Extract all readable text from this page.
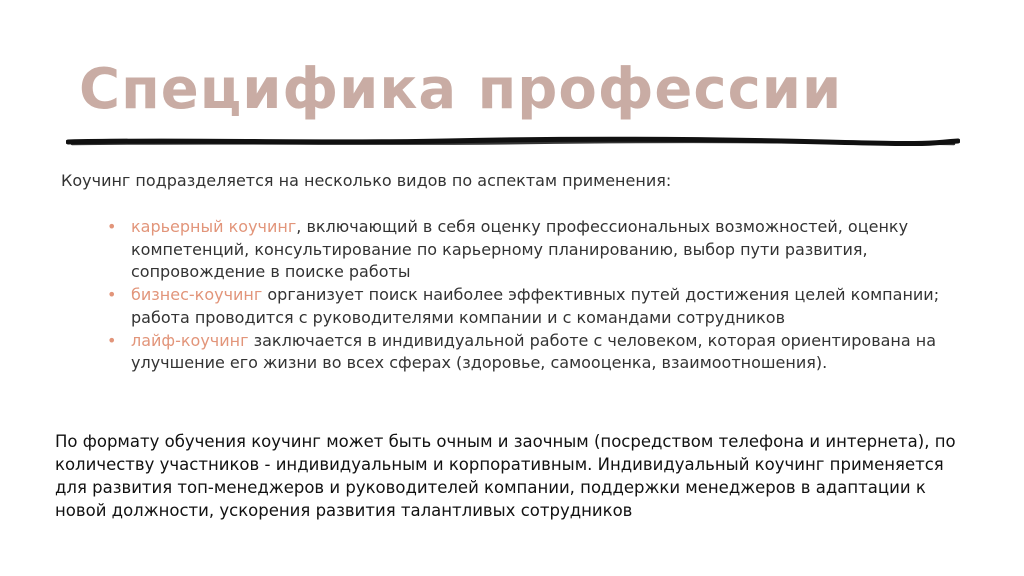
Специфика профессии

Коучинг подразделяется на несколько видов по аспектам применения:

• карьерный коучинг, включающий в себя оценку профессиональных возможностей, оценку компетенций, консультирование по карьерному планированию, выбор пути развития, сопровождение в поиске работы
• бизнес-коучинг организует поиск наиболее эффективных путей достижения целей компании; работа проводится с руководителями компании и с командами сотрудников
• лайф-коучинг заключается в индивидуальной работе с человеком, которая ориентирована на улучшение его жизни во всех сферах (здоровье, самооценка, взаимоотношения).

По формату обучения коучинг может быть очным и заочным (посредством телефона и интернета), по количеству участников - индивидуальным и корпоративным. Индивидуальный коучинг применяется для развития топ-менеджеров и руководителей компании, поддержки менеджеров в адаптации к новой должности, ускорения развития талантливых сотрудников
